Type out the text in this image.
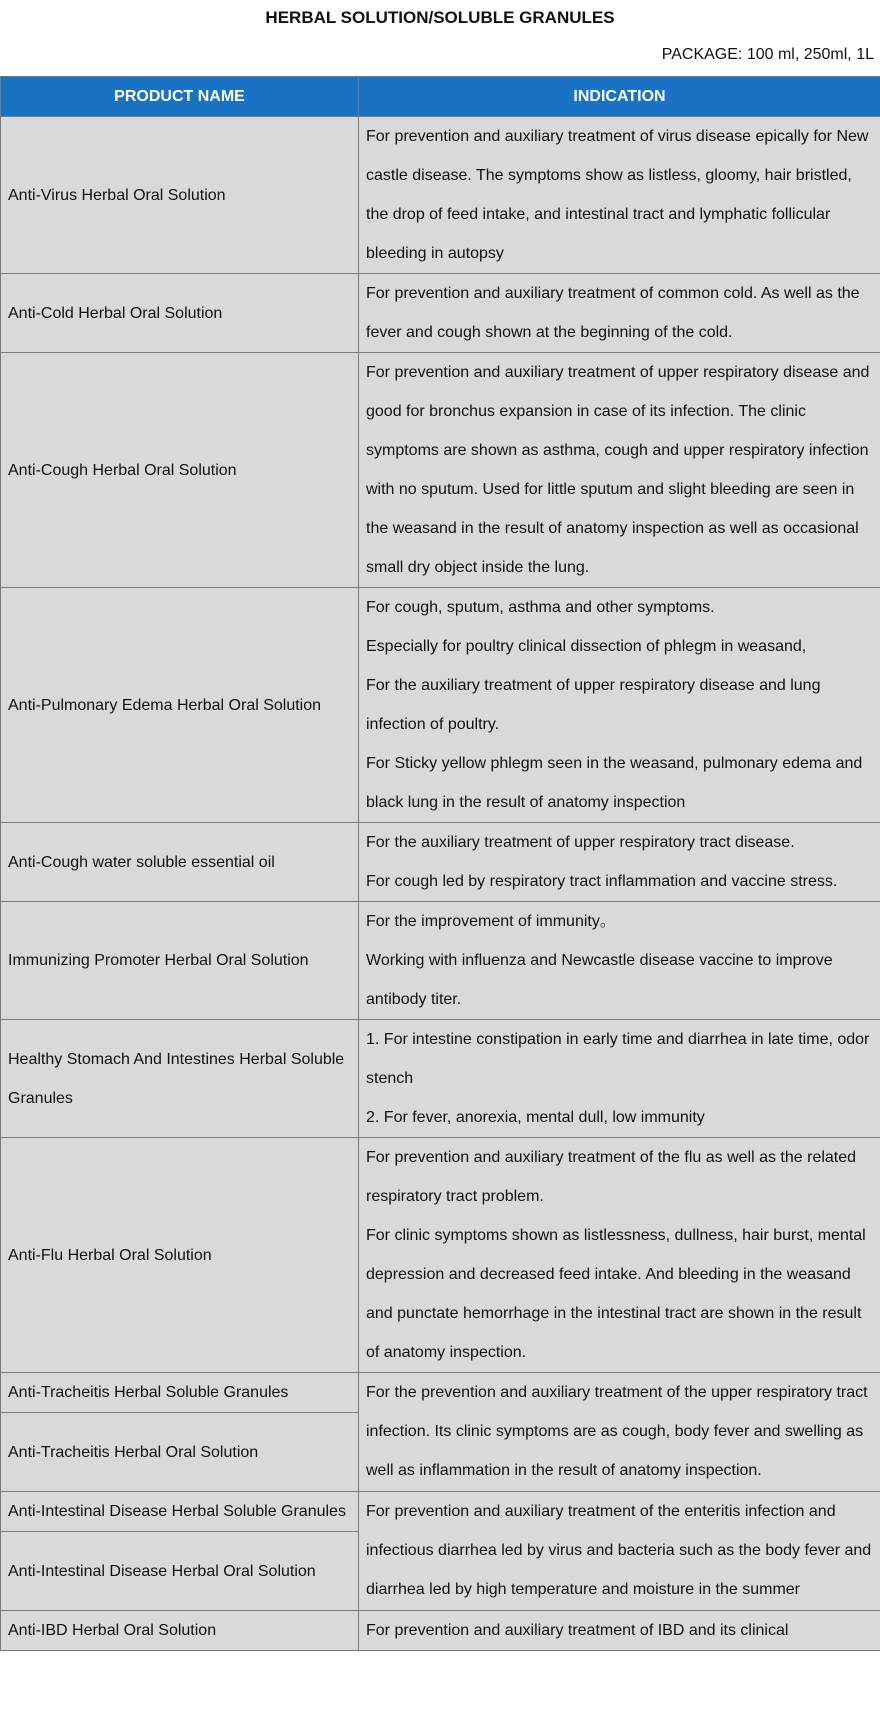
HERBAL SOLUTION/SOLUBLE GRANULES
PACKAGE: 100 ml, 250ml, 1L
PRODUCT NAME	INDICATION
Anti-Virus Herbal Oral Solution	For prevention and auxiliary treatment of virus disease epically for New castle disease. The symptoms show as listless, gloomy, hair bristled, the drop of feed intake, and intestinal tract and lymphatic follicular bleeding in autopsy

Anti-Cold Herbal Oral Solution	For prevention and auxiliary treatment of common cold. As well as the fever and cough shown at the beginning of the cold.

Anti-Cough Herbal Oral Solution	For prevention and auxiliary treatment of upper respiratory disease and good for bronchus expansion in case of its infection. The clinic symptoms are shown as asthma, cough and upper respiratory infection with no sputum. Used for little sputum and slight bleeding are seen in the weasand in the result of anatomy inspection as well as occasional small dry object inside the lung.

Anti-Pulmonary Edema Herbal Oral Solution	For cough, sputum, asthma and other symptoms.
Especially for poultry clinical dissection of phlegm in weasand,
For the auxiliary treatment of upper respiratory disease and lung infection of poultry.
For Sticky yellow phlegm seen in the weasand, pulmonary edema and black lung in the result of anatomy inspection

Anti-Cough water soluble essential oil	For the auxiliary treatment of upper respiratory tract disease.
For cough led by respiratory tract inflammation and vaccine stress.

Immunizing Promoter Herbal Oral Solution	For the improvement of immunity。
Working with influenza and Newcastle disease vaccine to improve antibody titer.

Healthy Stomach And Intestines Herbal Soluble Granules	1. For intestine constipation in early time and diarrhea in late time, odor stench
2. For fever, anorexia, mental dull, low immunity

Anti-Flu Herbal Oral Solution	For prevention and auxiliary treatment of the flu as well as the related respiratory tract problem.
For clinic symptoms shown as listlessness, dullness, hair burst, mental depression and decreased feed intake. And bleeding in the weasand and punctate hemorrhage in the intestinal tract are shown in the result of anatomy inspection.

Anti-Tracheitis Herbal Soluble Granules	For the prevention and auxiliary treatment of the upper respiratory tract infection. Its clinic symptoms are as cough, body fever and swelling as well as inflammation in the result of anatomy inspection.

Anti-Tracheitis Herbal Oral Solution	
Anti-Intestinal Disease Herbal Soluble Granules	For prevention and auxiliary treatment of the enteritis infection and infectious diarrhea led by virus and bacteria such as the body fever and diarrhea led by high temperature and moisture in the summer

Anti-Intestinal Disease Herbal Oral Solution	
Anti-IBD Herbal Oral Solution	For prevention and auxiliary treatment of IBD and its clinical
